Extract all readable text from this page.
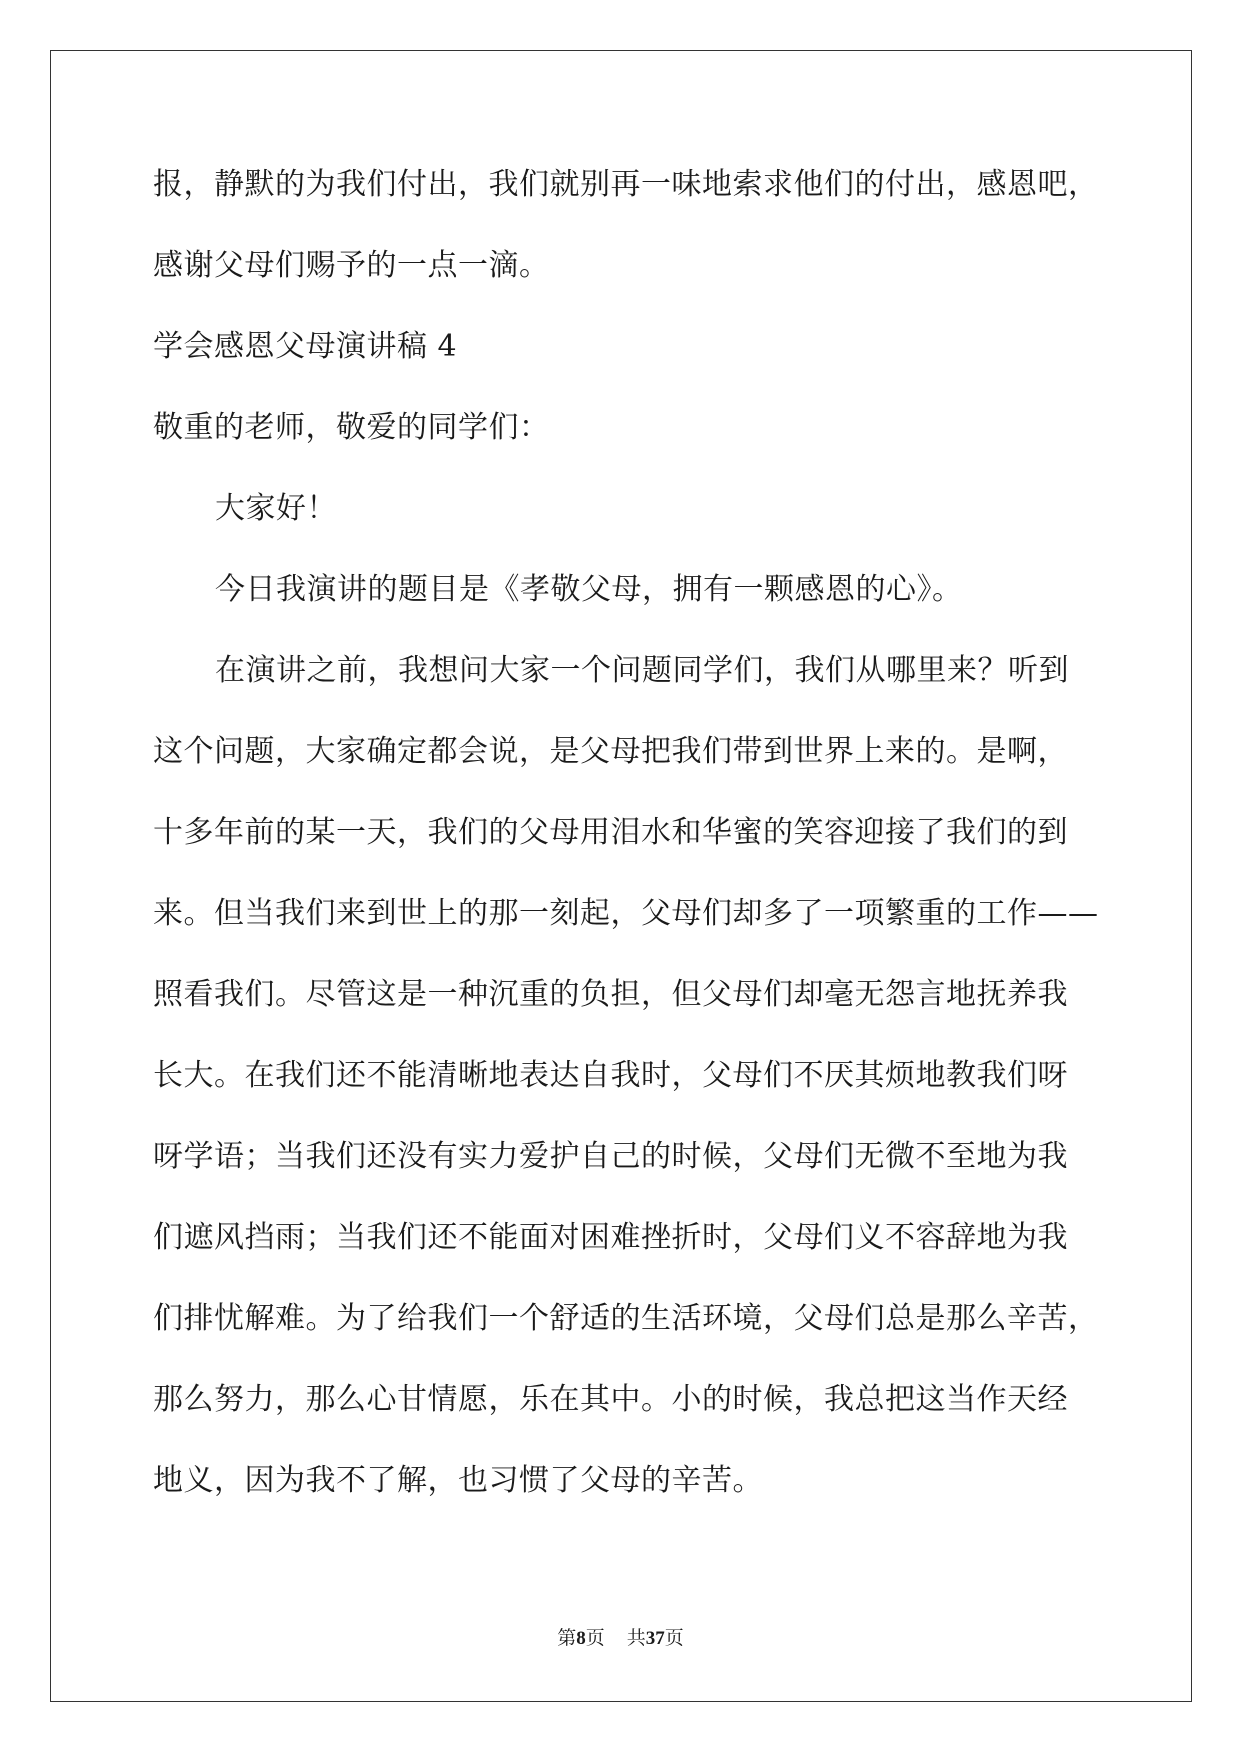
报，静默的为我们付出，我们就别再一味地索求他们的付出，感恩吧，
感谢父母们赐予的一点一滴。
学会感恩父母演讲稿 4
敬重的老师，敬爱的同学们：
大家好！
今日我演讲的题目是《孝敬父母，拥有一颗感恩的心》。
在演讲之前，我想问大家一个问题同学们，我们从哪里来？听到
这个问题，大家确定都会说，是父母把我们带到世界上来的。是啊，
十多年前的某一天，我们的父母用泪水和华蜜的笑容迎接了我们的到
来。但当我们来到世上的那一刻起，父母们却多了一项繁重的工作——
照看我们。尽管这是一种沉重的负担，但父母们却毫无怨言地抚养我
长大。在我们还不能清晰地表达自我时，父母们不厌其烦地教我们呀
呀学语；当我们还没有实力爱护自己的时候，父母们无微不至地为我
们遮风挡雨；当我们还不能面对困难挫折时，父母们义不容辞地为我
们排忧解难。为了给我们一个舒适的生活环境，父母们总是那么辛苦，
那么努力，那么心甘情愿，乐在其中。小的时候，我总把这当作天经
地义，因为我不了解，也习惯了父母的辛苦。
第8页 共37页
